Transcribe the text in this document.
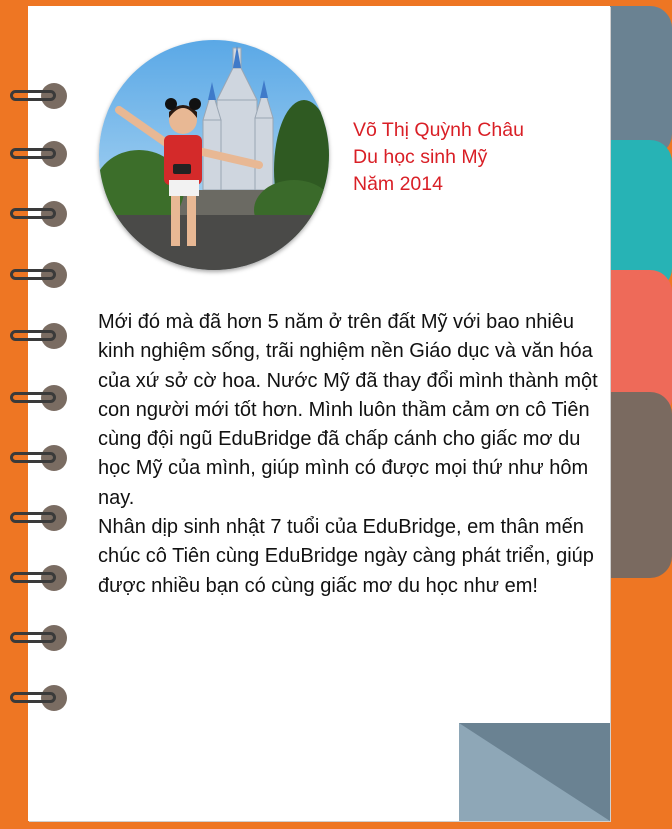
Võ Thị Quỳnh Châu
Du học sinh Mỹ
Năm 2014

Mới đó mà đã hơn 5 năm ở trên đất Mỹ với bao nhiêu kinh nghiệm sống, trãi nghiệm nền Giáo dục và văn hóa của xứ sở cờ hoa. Nước Mỹ đã thay đổi mình thành một con người mới tốt hơn. Mình luôn thầm cảm ơn cô Tiên cùng đội ngũ EduBridge đã chấp cánh cho giấc mơ du học Mỹ của mình, giúp mình có được mọi thứ như hôm nay.

Nhân dịp sinh nhật 7 tuổi của EduBridge, em thân mến chúc cô Tiên cùng EduBridge ngày càng phát triển, giúp được nhiều bạn có cùng giấc mơ du học như em!
